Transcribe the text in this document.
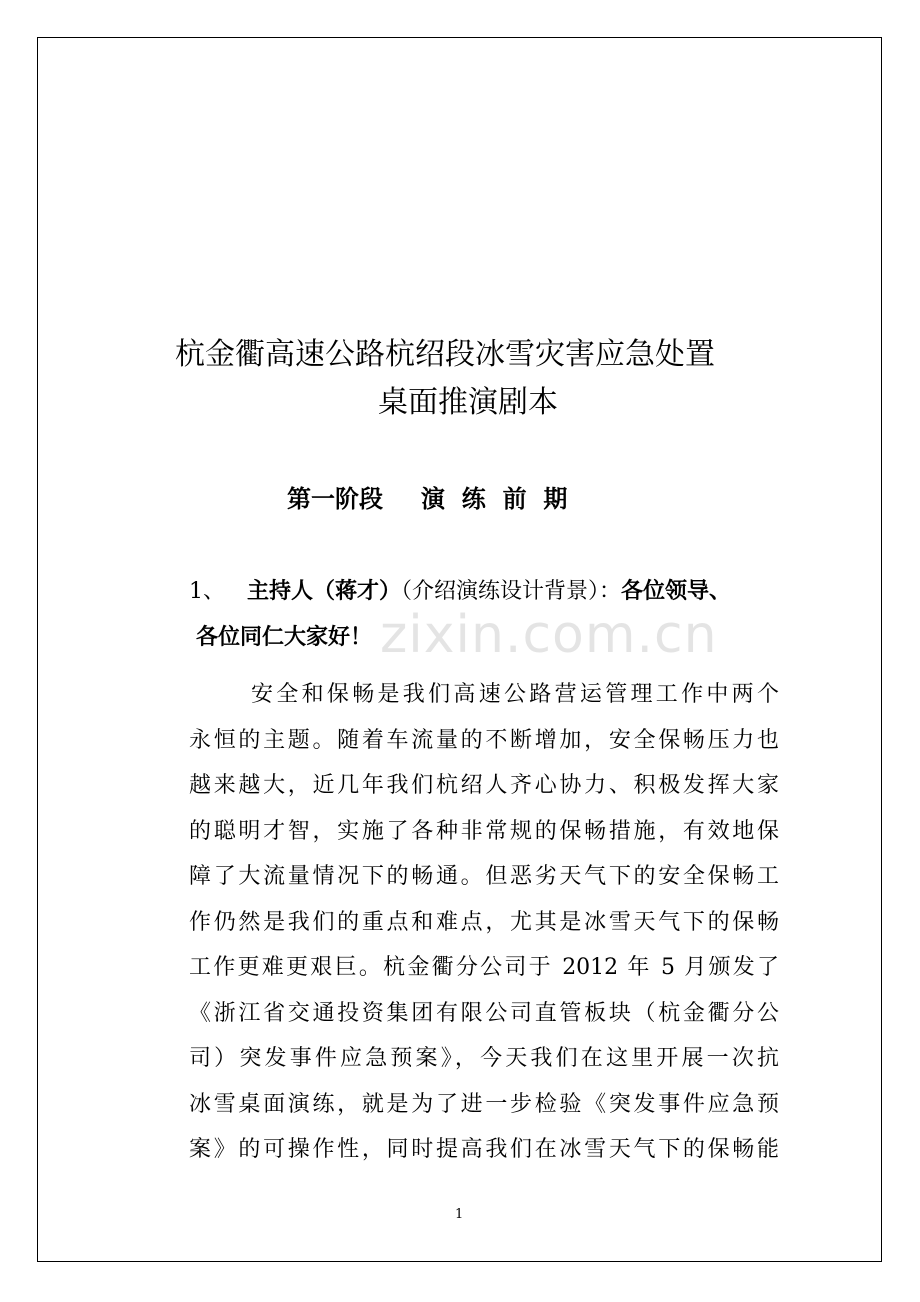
杭金衢高速公路杭绍段冰雪灾害应急处置
桌面推演剧本
第一阶段 演练前期
1、 主持人（蒋才）（介绍演练设计背景）：各位领导、
各位同仁大家好！ zixin.com.cn
安全和保畅是我们高速公路营运管理工作中两个
永恒的主题。随着车流量的不断增加，安全保畅压力也
越来越大，近几年我们杭绍人齐心协力、积极发挥大家
的聪明才智，实施了各种非常规的保畅措施，有效地保
障了大流量情况下的畅通。但恶劣天气下的安全保畅工
作仍然是我们的重点和难点，尤其是冰雪天气下的保畅
工作更难更艰巨。杭金衢分公司于 2012 年 5 月颁发了
《浙江省交通投资集团有限公司直管板块（杭金衢分公
司）突发事件应急预案》，今天我们在这里开展一次抗
冰雪桌面演练，就是为了进一步检验《突发事件应急预
案》的可操作性，同时提高我们在冰雪天气下的保畅能
1
